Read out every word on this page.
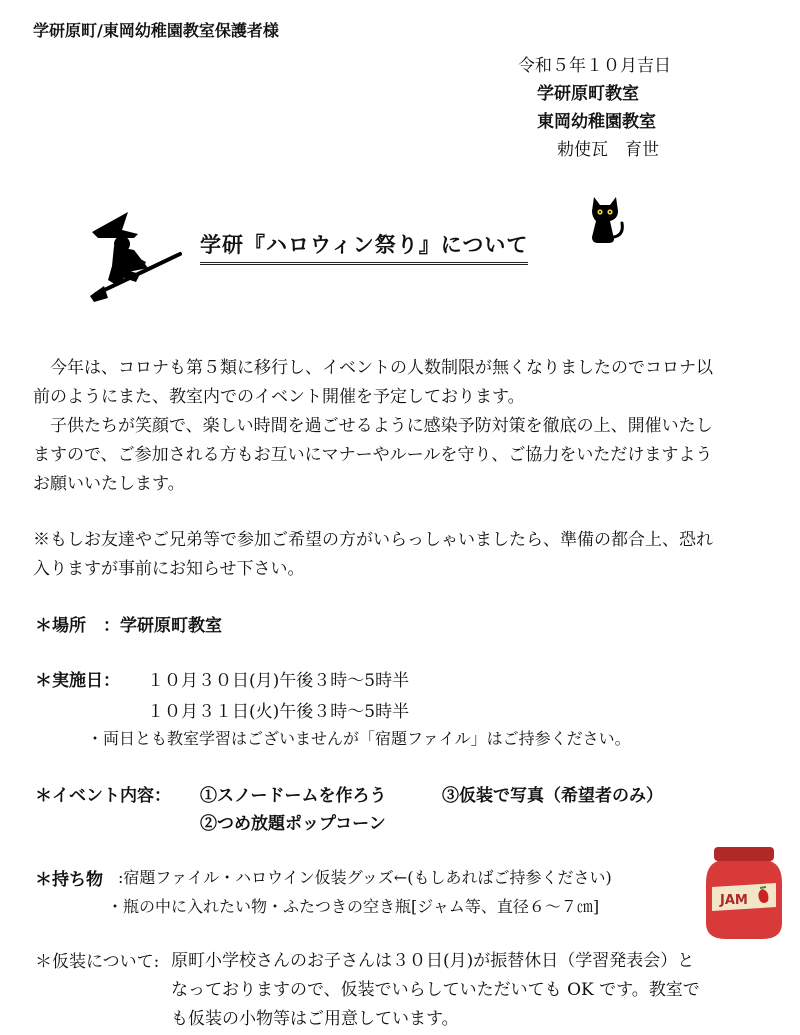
学研原町/東岡幼稚園教室保護者様
令和５年１０月吉日
学研原町教室
東岡幼稚園教室
勅使瓦　育世
学研『ハロウィン祭り』について
　今年は、コロナも第５類に移行し、イベントの人数制限が無くなりましたのでコロナ以前のようにまた、教室内でのイベント開催を予定しております。
　子供たちが笑顔で、楽しい時間を過ごせるように感染予防対策を徹底の上、開催いたしますので、ご参加される方もお互いにマナーやルールを守り、ご協力をいただけますようお願いいたします。
※もしお友達やご兄弟等で参加ご希望の方がいらっしゃいましたら、準備の都合上、恐れ入りますが事前にお知らせ下さい。
＊場所　：学研原町教室
＊実施日： １０月３０日(月)午後３時〜5時半
１０月３１日(火)午後３時〜5時半
・両日とも教室学習はございませんが「宿題ファイル」はご持参ください。
＊イベント内容： ①スノードームを作ろう	③仮装で写真（希望者のみ）
②つめ放題ポップコーン
＊持ち物 :宿題ファイル・ハロウイン仮装グッズ←(もしあればご持参ください)
・瓶の中に入れたい物・ふたつきの空き瓶[ジャム等、直径６〜７㎝]	JAM
＊仮装について: 原町小学校さんのお子さんは３０日(月)が振替休日（学習発表会）となっておりますので、仮装でいらしていただいても OK です。教室でも仮装の小物等はご用意しています。
